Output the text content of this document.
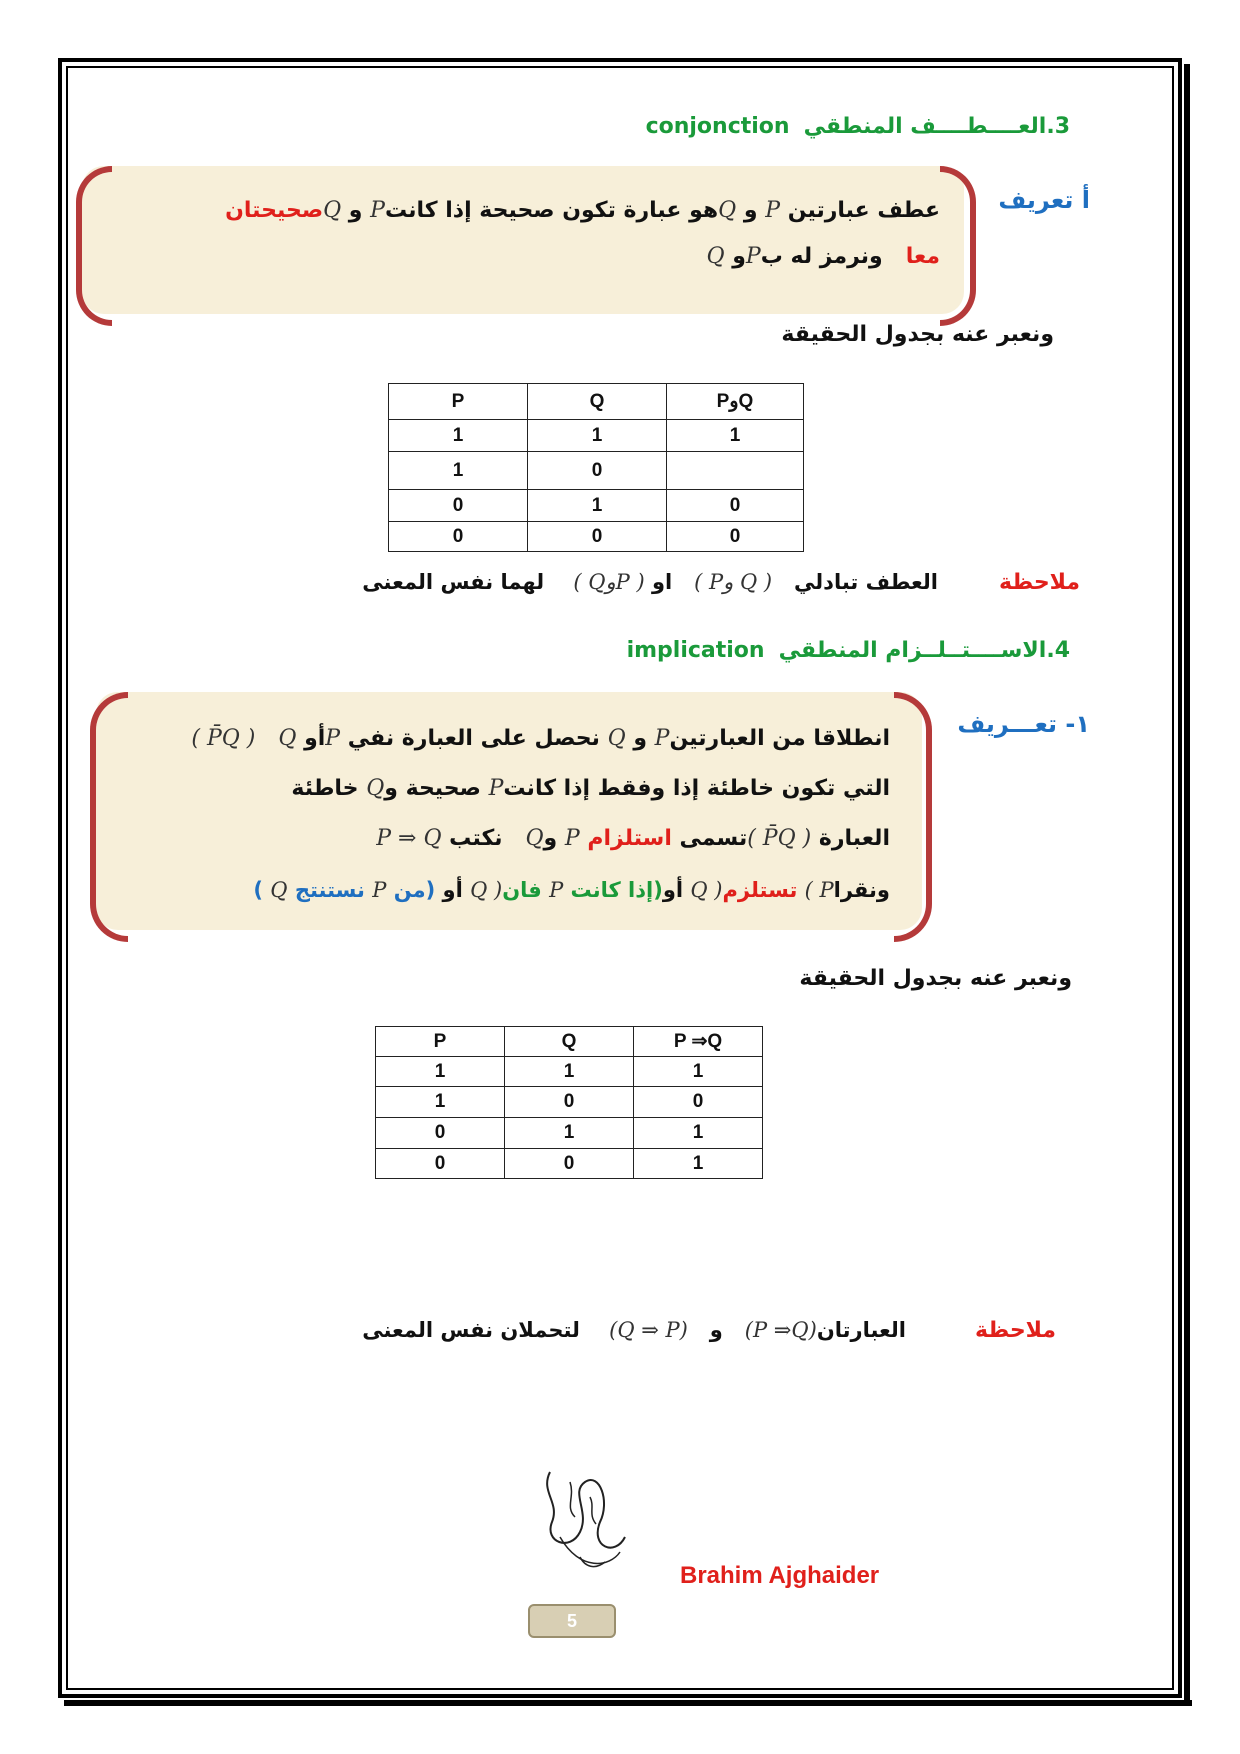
3.العــــطــــف المنطقيconjonction
أ تعريف
عطف عبارتين P و Qهو عبارة تكون صحيحة إذا كانتP و Qصحيحتان
معا   ونرمز له بPو Q
ونعبر عنه بجدول الحقيقة
P	Q	PوQ
1	1	1
1	0	
0	1	0
0	0	0
ملاحظة
العطف تبادلي   ( Pو Q )   او ( QوP )    لهما نفس المعنى
4.الاســــتــلــزام المنطقيimplication
١- تعـــريف
انطلاقا من العبارتينP و Q نحصل على العبارة نفي Pأو Q   ( P̄Q )
التي تكون خاطئة إذا وفقط إذا كانتP صحيحة وQ خاطئة
العبارة ( P̄Q )تسمى استلزام P وQ   نكتب P ⇒ Q
ونقرا( P تستلزمQ ) أو(إذا كانت P فانQ ) أو (من P نستنتج Q )
ونعبر عنه بجدول الحقيقة
P	Q	P ⇒Q
1	1	1
1	0	0
0	1	1
0	0	1
ملاحظة
العبارتان(P ⇒Q)   و   (Q ⇒ P)    لتحملان نفس المعنى
Brahim Ajghaider
5
